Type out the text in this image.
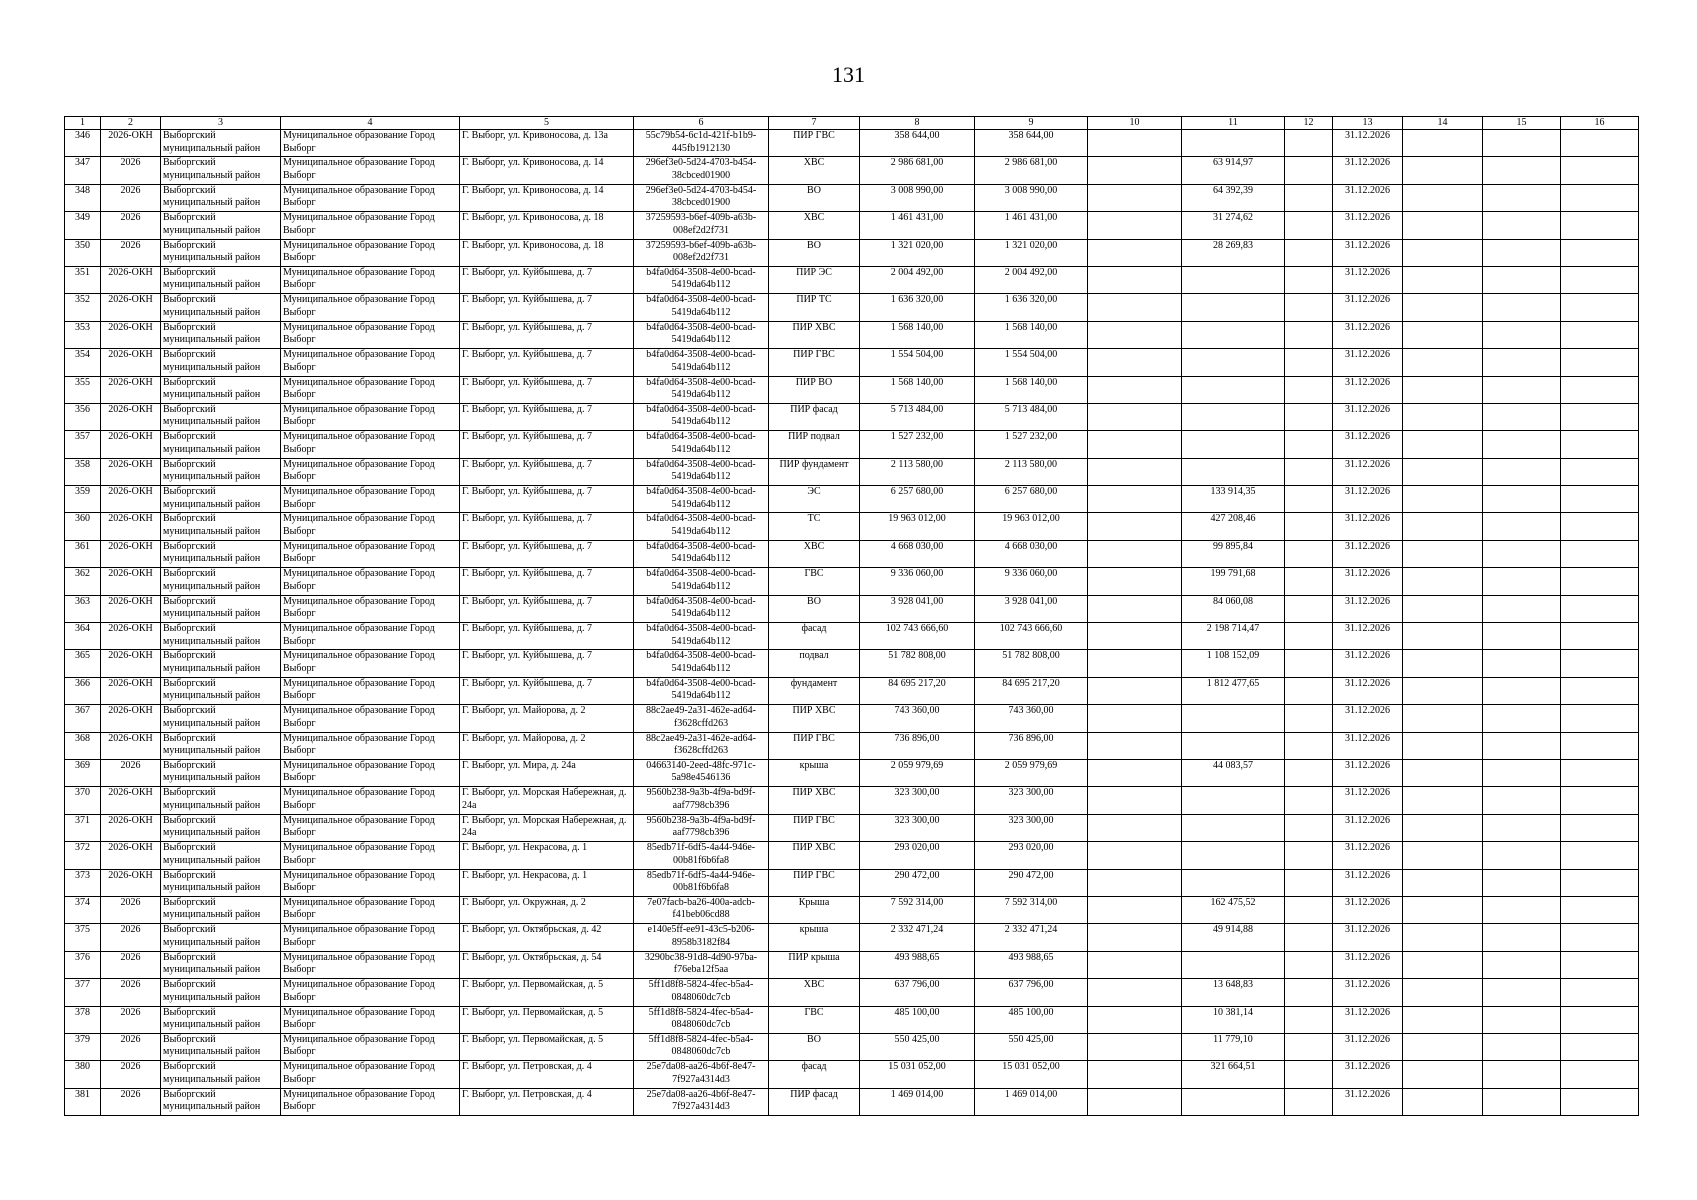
131
1	2	3	4	5	6	7	8	9	10	11	12	13	14	15	16
346	2026-ОКН	Выборгский муниципальный район	Муниципальное образование Город Выборг	Г. Выборг, ул. Кривоносова, д. 13а	55c79b54-6c1d-421f-b1b9-445fb1912130	ПИР ГВС	358 644,00	358 644,00				31.12.2026			
347	2026	Выборгский муниципальный район	Муниципальное образование Город Выборг	Г. Выборг, ул. Кривоносова, д. 14	296ef3e0-5d24-4703-b454-38cbced01900	ХВС	2 986 681,00	2 986 681,00		63 914,97		31.12.2026			
348	2026	Выборгский муниципальный район	Муниципальное образование Город Выборг	Г. Выборг, ул. Кривоносова, д. 14	296ef3e0-5d24-4703-b454-38cbced01900	ВО	3 008 990,00	3 008 990,00		64 392,39		31.12.2026			
349	2026	Выборгский муниципальный район	Муниципальное образование Город Выборг	Г. Выборг, ул. Кривоносова, д. 18	37259593-b6ef-409b-a63b-008ef2d2f731	ХВС	1 461 431,00	1 461 431,00		31 274,62		31.12.2026			
350	2026	Выборгский муниципальный район	Муниципальное образование Город Выборг	Г. Выборг, ул. Кривоносова, д. 18	37259593-b6ef-409b-a63b-008ef2d2f731	ВО	1 321 020,00	1 321 020,00		28 269,83		31.12.2026			
351	2026-ОКН	Выборгский муниципальный район	Муниципальное образование Город Выборг	Г. Выборг, ул. Куйбышева, д. 7	b4fa0d64-3508-4e00-bcad-5419da64b112	ПИР ЭС	2 004 492,00	2 004 492,00				31.12.2026			
352	2026-ОКН	Выборгский муниципальный район	Муниципальное образование Город Выборг	Г. Выборг, ул. Куйбышева, д. 7	b4fa0d64-3508-4e00-bcad-5419da64b112	ПИР ТС	1 636 320,00	1 636 320,00				31.12.2026			
353	2026-ОКН	Выборгский муниципальный район	Муниципальное образование Город Выборг	Г. Выборг, ул. Куйбышева, д. 7	b4fa0d64-3508-4e00-bcad-5419da64b112	ПИР ХВС	1 568 140,00	1 568 140,00				31.12.2026			
354	2026-ОКН	Выборгский муниципальный район	Муниципальное образование Город Выборг	Г. Выборг, ул. Куйбышева, д. 7	b4fa0d64-3508-4e00-bcad-5419da64b112	ПИР ГВС	1 554 504,00	1 554 504,00				31.12.2026			
355	2026-ОКН	Выборгский муниципальный район	Муниципальное образование Город Выборг	Г. Выборг, ул. Куйбышева, д. 7	b4fa0d64-3508-4e00-bcad-5419da64b112	ПИР ВО	1 568 140,00	1 568 140,00				31.12.2026			
356	2026-ОКН	Выборгский муниципальный район	Муниципальное образование Город Выборг	Г. Выборг, ул. Куйбышева, д. 7	b4fa0d64-3508-4e00-bcad-5419da64b112	ПИР фасад	5 713 484,00	5 713 484,00				31.12.2026			
357	2026-ОКН	Выборгский муниципальный район	Муниципальное образование Город Выборг	Г. Выборг, ул. Куйбышева, д. 7	b4fa0d64-3508-4e00-bcad-5419da64b112	ПИР подвал	1 527 232,00	1 527 232,00				31.12.2026			
358	2026-ОКН	Выборгский муниципальный район	Муниципальное образование Город Выборг	Г. Выборг, ул. Куйбышева, д. 7	b4fa0d64-3508-4e00-bcad-5419da64b112	ПИР фундамент	2 113 580,00	2 113 580,00				31.12.2026			
359	2026-ОКН	Выборгский муниципальный район	Муниципальное образование Город Выборг	Г. Выборг, ул. Куйбышева, д. 7	b4fa0d64-3508-4e00-bcad-5419da64b112	ЭС	6 257 680,00	6 257 680,00		133 914,35		31.12.2026			
360	2026-ОКН	Выборгский муниципальный район	Муниципальное образование Город Выборг	Г. Выборг, ул. Куйбышева, д. 7	b4fa0d64-3508-4e00-bcad-5419da64b112	ТС	19 963 012,00	19 963 012,00		427 208,46		31.12.2026			
361	2026-ОКН	Выборгский муниципальный район	Муниципальное образование Город Выборг	Г. Выборг, ул. Куйбышева, д. 7	b4fa0d64-3508-4e00-bcad-5419da64b112	ХВС	4 668 030,00	4 668 030,00		99 895,84		31.12.2026			
362	2026-ОКН	Выборгский муниципальный район	Муниципальное образование Город Выборг	Г. Выборг, ул. Куйбышева, д. 7	b4fa0d64-3508-4e00-bcad-5419da64b112	ГВС	9 336 060,00	9 336 060,00		199 791,68		31.12.2026			
363	2026-ОКН	Выборгский муниципальный район	Муниципальное образование Город Выборг	Г. Выборг, ул. Куйбышева, д. 7	b4fa0d64-3508-4e00-bcad-5419da64b112	ВО	3 928 041,00	3 928 041,00		84 060,08		31.12.2026			
364	2026-ОКН	Выборгский муниципальный район	Муниципальное образование Город Выборг	Г. Выборг, ул. Куйбышева, д. 7	b4fa0d64-3508-4e00-bcad-5419da64b112	фасад	102 743 666,60	102 743 666,60		2 198 714,47		31.12.2026			
365	2026-ОКН	Выборгский муниципальный район	Муниципальное образование Город Выборг	Г. Выборг, ул. Куйбышева, д. 7	b4fa0d64-3508-4e00-bcad-5419da64b112	подвал	51 782 808,00	51 782 808,00		1 108 152,09		31.12.2026			
366	2026-ОКН	Выборгский муниципальный район	Муниципальное образование Город Выборг	Г. Выборг, ул. Куйбышева, д. 7	b4fa0d64-3508-4e00-bcad-5419da64b112	фундамент	84 695 217,20	84 695 217,20		1 812 477,65		31.12.2026			
367	2026-ОКН	Выборгский муниципальный район	Муниципальное образование Город Выборг	Г. Выборг, ул. Майорова, д. 2	88c2ae49-2a31-462e-ad64-f3628cffd263	ПИР ХВС	743 360,00	743 360,00				31.12.2026			
368	2026-ОКН	Выборгский муниципальный район	Муниципальное образование Город Выборг	Г. Выборг, ул. Майорова, д. 2	88c2ae49-2a31-462e-ad64-f3628cffd263	ПИР ГВС	736 896,00	736 896,00				31.12.2026			
369	2026	Выборгский муниципальный район	Муниципальное образование Город Выборг	Г. Выборг, ул. Мира, д. 24а	04663140-2eed-48fc-971c-5a98e4546136	крыша	2 059 979,69	2 059 979,69		44 083,57		31.12.2026			
370	2026-ОКН	Выборгский муниципальный район	Муниципальное образование Город Выборг	Г. Выборг, ул. Морская Набережная, д. 24а	9560b238-9a3b-4f9a-bd9f-aaf7798cb396	ПИР ХВС	323 300,00	323 300,00				31.12.2026			
371	2026-ОКН	Выборгский муниципальный район	Муниципальное образование Город Выборг	Г. Выборг, ул. Морская Набережная, д. 24а	9560b238-9a3b-4f9a-bd9f-aaf7798cb396	ПИР ГВС	323 300,00	323 300,00				31.12.2026			
372	2026-ОКН	Выборгский муниципальный район	Муниципальное образование Город Выборг	Г. Выборг, ул. Некрасова, д. 1	85edb71f-6df5-4a44-946e-00b81f6b6fa8	ПИР ХВС	293 020,00	293 020,00				31.12.2026			
373	2026-ОКН	Выборгский муниципальный район	Муниципальное образование Город Выборг	Г. Выборг, ул. Некрасова, д. 1	85edb71f-6df5-4a44-946e-00b81f6b6fa8	ПИР ГВС	290 472,00	290 472,00				31.12.2026			
374	2026	Выборгский муниципальный район	Муниципальное образование Город Выборг	Г. Выборг, ул. Окружная, д. 2	7e07facb-ba26-400a-adcb-f41beb06cd88	Крыша	7 592 314,00	7 592 314,00		162 475,52		31.12.2026			
375	2026	Выборгский муниципальный район	Муниципальное образование Город Выборг	Г. Выборг, ул. Октябрьская, д. 42	e140e5ff-ee91-43c5-b206-8958b3182f84	крыша	2 332 471,24	2 332 471,24		49 914,88		31.12.2026			
376	2026	Выборгский муниципальный район	Муниципальное образование Город Выборг	Г. Выборг, ул. Октябрьская, д. 54	3290bc38-91d8-4d90-97ba-f76eba12f5aa	ПИР крыша	493 988,65	493 988,65				31.12.2026			
377	2026	Выборгский муниципальный район	Муниципальное образование Город Выборг	Г. Выборг, ул. Первомайская, д. 5	5ff1d8f8-5824-4fec-b5a4-0848060dc7cb	ХВС	637 796,00	637 796,00		13 648,83		31.12.2026			
378	2026	Выборгский муниципальный район	Муниципальное образование Город Выборг	Г. Выборг, ул. Первомайская, д. 5	5ff1d8f8-5824-4fec-b5a4-0848060dc7cb	ГВС	485 100,00	485 100,00		10 381,14		31.12.2026			
379	2026	Выборгский муниципальный район	Муниципальное образование Город Выборг	Г. Выборг, ул. Первомайская, д. 5	5ff1d8f8-5824-4fec-b5a4-0848060dc7cb	ВО	550 425,00	550 425,00		11 779,10		31.12.2026			
380	2026	Выборгский муниципальный район	Муниципальное образование Город Выборг	Г. Выборг, ул. Петровская, д. 4	25e7da08-aa26-4b6f-8e47-7f927a4314d3	фасад	15 031 052,00	15 031 052,00		321 664,51		31.12.2026			
381	2026	Выборгский муниципальный район	Муниципальное образование Город Выборг	Г. Выборг, ул. Петровская, д. 4	25e7da08-aa26-4b6f-8e47-7f927a4314d3	ПИР фасад	1 469 014,00	1 469 014,00				31.12.2026			
